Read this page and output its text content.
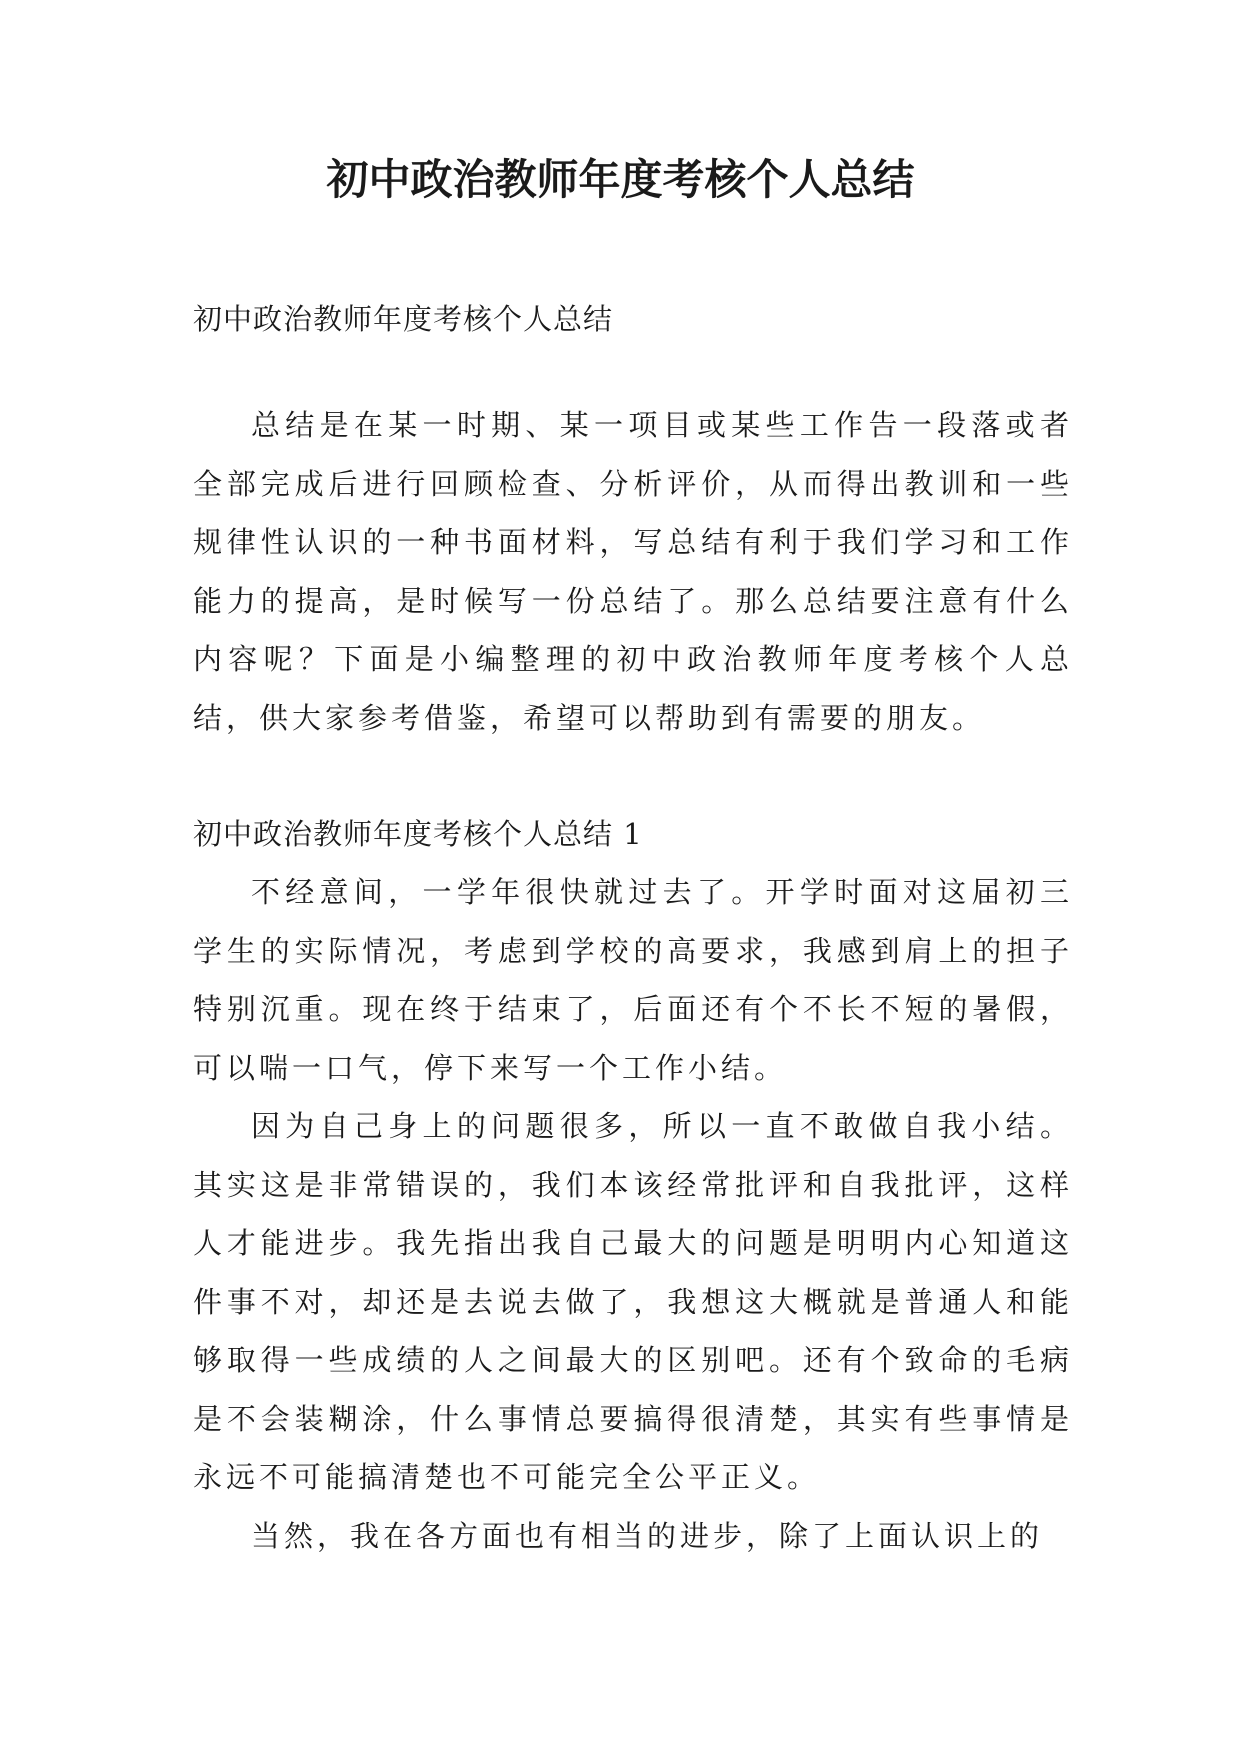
初中政治教师年度考核个人总结

初中政治教师年度考核个人总结

总结是在某一时期、某一项目或某些工作告一段落或者全部完成后进行回顾检查、分析评价，从而得出教训和一些规律性认识的一种书面材料，写总结有利于我们学习和工作能力的提高，是时候写一份总结了。那么总结要注意有什么内容呢？下面是小编整理的初中政治教师年度考核个人总结，供大家参考借鉴，希望可以帮助到有需要的朋友。

初中政治教师年度考核个人总结 1

不经意间，一学年很快就过去了。开学时面对这届初三学生的实际情况，考虑到学校的高要求，我感到肩上的担子特别沉重。现在终于结束了，后面还有个不长不短的暑假，可以喘一口气，停下来写一个工作小结。

因为自己身上的问题很多，所以一直不敢做自我小结。其实这是非常错误的，我们本该经常批评和自我批评，这样人才能进步。我先指出我自己最大的问题是明明内心知道这件事不对，却还是去说去做了，我想这大概就是普通人和能够取得一些成绩的人之间最大的区别吧。还有个致命的毛病是不会装糊涂，什么事情总要搞得很清楚，其实有些事情是永远不可能搞清楚也不可能完全公平正义。

当然，我在各方面也有相当的进步，除了上面认识上的
